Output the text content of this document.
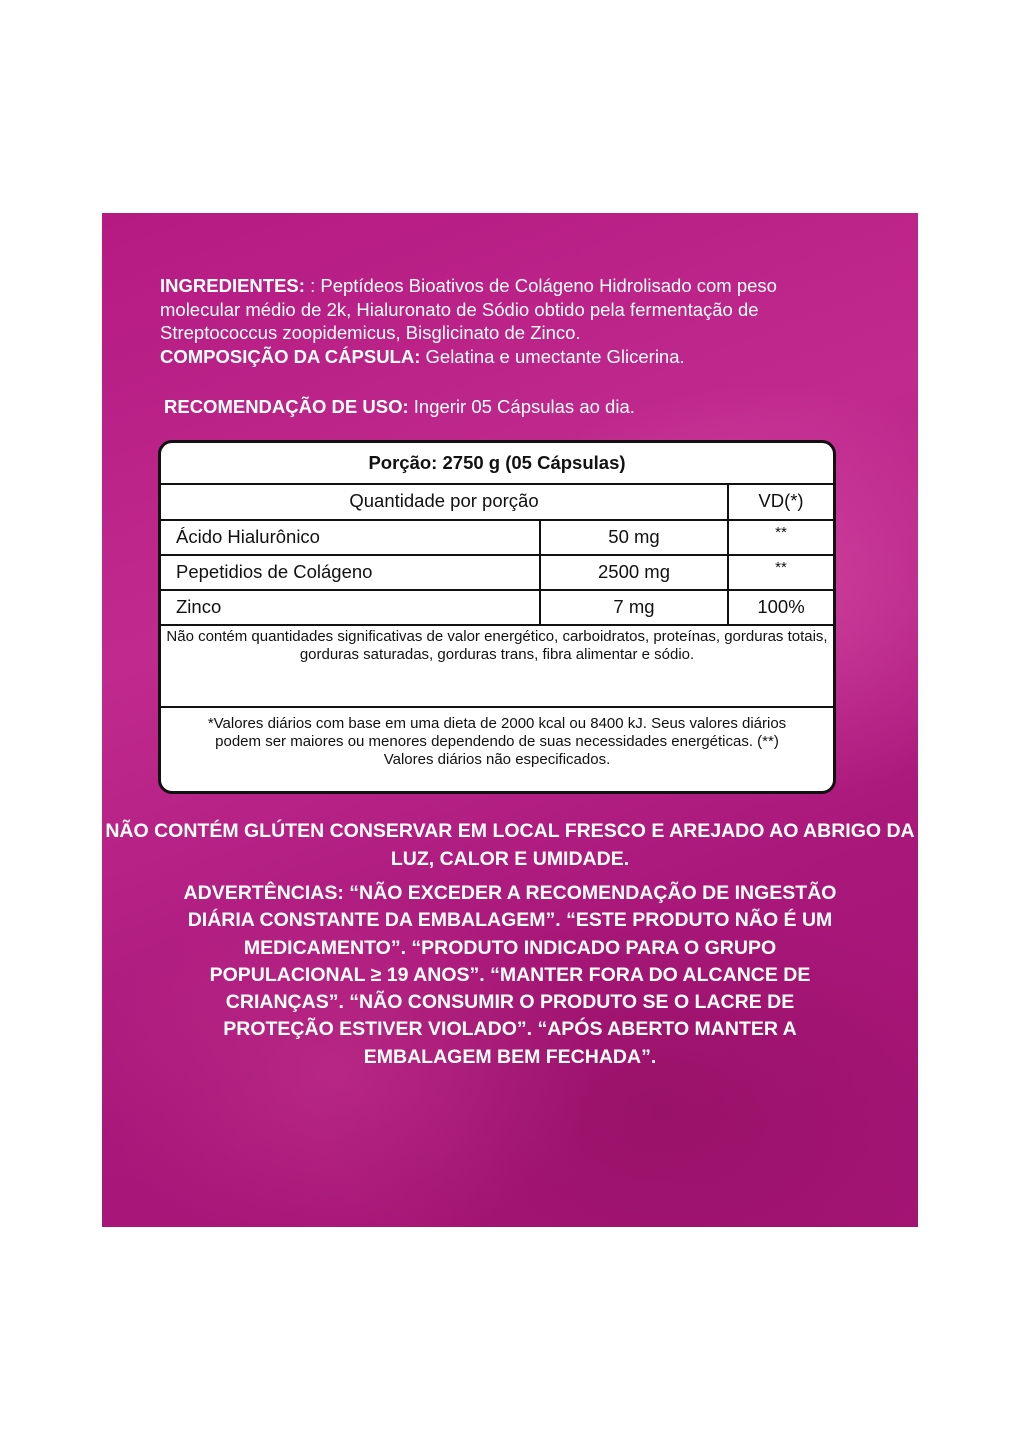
INGREDIENTES: : Peptídeos Bioativos de Colágeno Hidrolisado com peso molecular médio de 2k, Hialuronato de Sódio obtido pela fermentação de Streptococcus zoopidemicus, Bisglicinato de Zinco.

COMPOSIÇÃO DA CÁPSULA: Gelatina e umectante Glicerina.

RECOMENDAÇÃO DE USO: Ingerir 05 Cápsulas ao dia.
Porção: 2750 g (05 Cápsulas)
Quantidade por porção	VD(*)
Ácido Hialurônico	50 mg	**
Pepetidios de Colágeno	2500 mg	**
Zinco	7 mg	100%
Não contém quantidades significativas de valor energético, carboidratos, proteínas, gorduras totais, gorduras saturadas, gorduras trans, fibra alimentar e sódio.
*Valores diários com base em uma dieta de 2000 kcal ou 8400 kJ. Seus valores diários podem ser maiores ou menores dependendo de suas necessidades energéticas. (**) Valores diários não especificados.
NÃO CONTÉM GLÚTEN CONSERVAR EM LOCAL FRESCO E AREJADO AO ABRIGO DA LUZ, CALOR E UMIDADE.
ADVERTÊNCIAS: “NÃO EXCEDER A RECOMENDAÇÃO DE INGESTÃO DIÁRIA CONSTANTE DA EMBALAGEM”. “ESTE PRODUTO NÃO É UM MEDICAMENTO”. “PRODUTO INDICADO PARA O GRUPO POPULACIONAL ≥ 19 ANOS”. “MANTER FORA DO ALCANCE DE CRIANÇAS”. “NÃO CONSUMIR O PRODUTO SE O LACRE DE PROTEÇÃO ESTIVER VIOLADO”. “APÓS ABERTO MANTER A EMBALAGEM BEM FECHADA”.
